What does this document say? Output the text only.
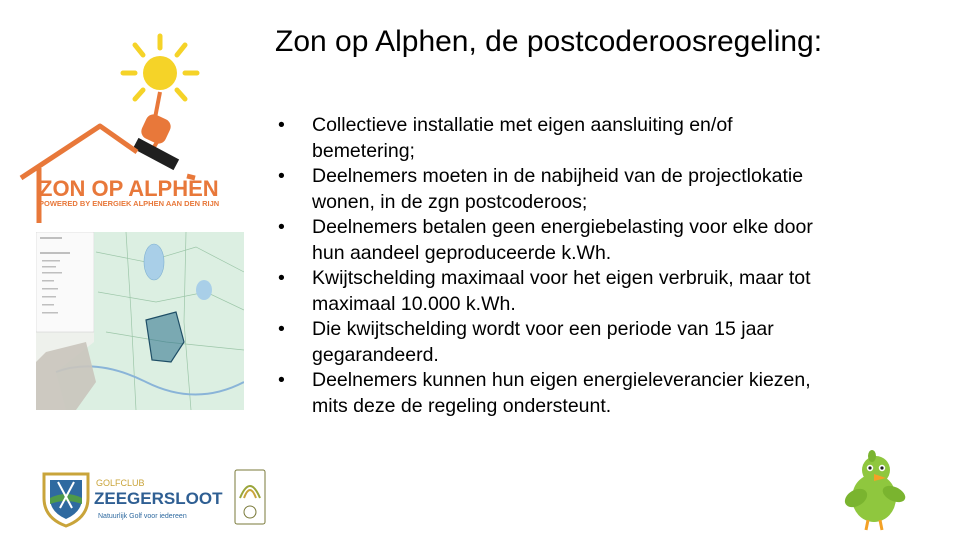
ZON OP ALPHEN
POWERED BY ENERGIEK ALPHEN AAN DEN RIJN
Zon op Alphen, de postcoderoosregeling:
•	Collectieve installatie met eigen aansluiting en/of bemetering;
•	Deelnemers moeten in de nabijheid van de projectlokatie wonen, in de zgn postcoderoos;
•	Deelnemers betalen geen energiebelasting voor elke door hun aandeel geproduceerde k.Wh.
•	Kwijtschelding maximaal voor het eigen verbruik, maar tot maximaal 10.000 k.Wh.
•	Die kwijtschelding wordt voor een periode van 15 jaar gegarandeerd.
•	Deelnemers kunnen hun eigen energieleverancier kiezen, mits deze de regeling ondersteunt.
GOLFCLUB
ZEEGERSLOOT
Natuurlijk Golf voor iedereen
